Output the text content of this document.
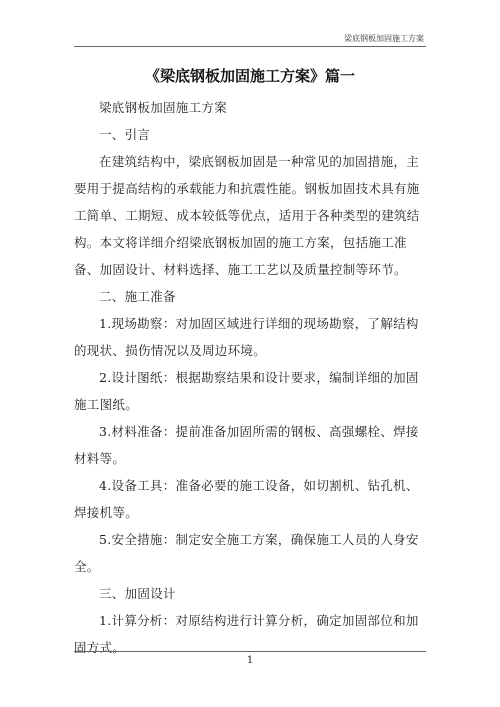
梁底钢板加固施工方案
《梁底钢板加固施工方案》篇一
梁底钢板加固施工方案
一、引言
在建筑结构中，梁底钢板加固是一种常见的加固措施，主要用于提高结构的承载能力和抗震性能。钢板加固技术具有施工简单、工期短、成本较低等优点，适用于各种类型的建筑结构。本文将详细介绍梁底钢板加固的施工方案，包括施工准备、加固设计、材料选择、施工工艺以及质量控制等环节。
二、施工准备
1.现场勘察：对加固区域进行详细的现场勘察，了解结构的现状、损伤情况以及周边环境。
2.设计图纸：根据勘察结果和设计要求，编制详细的加固施工图纸。
3.材料准备：提前准备加固所需的钢板、高强螺栓、焊接材料等。
4.设备工具：准备必要的施工设备，如切割机、钻孔机、焊接机等。
5.安全措施：制定安全施工方案，确保施工人员的人身安全。
三、加固设计
1.计算分析：对原结构进行计算分析，确定加固部位和加固方式。
1
